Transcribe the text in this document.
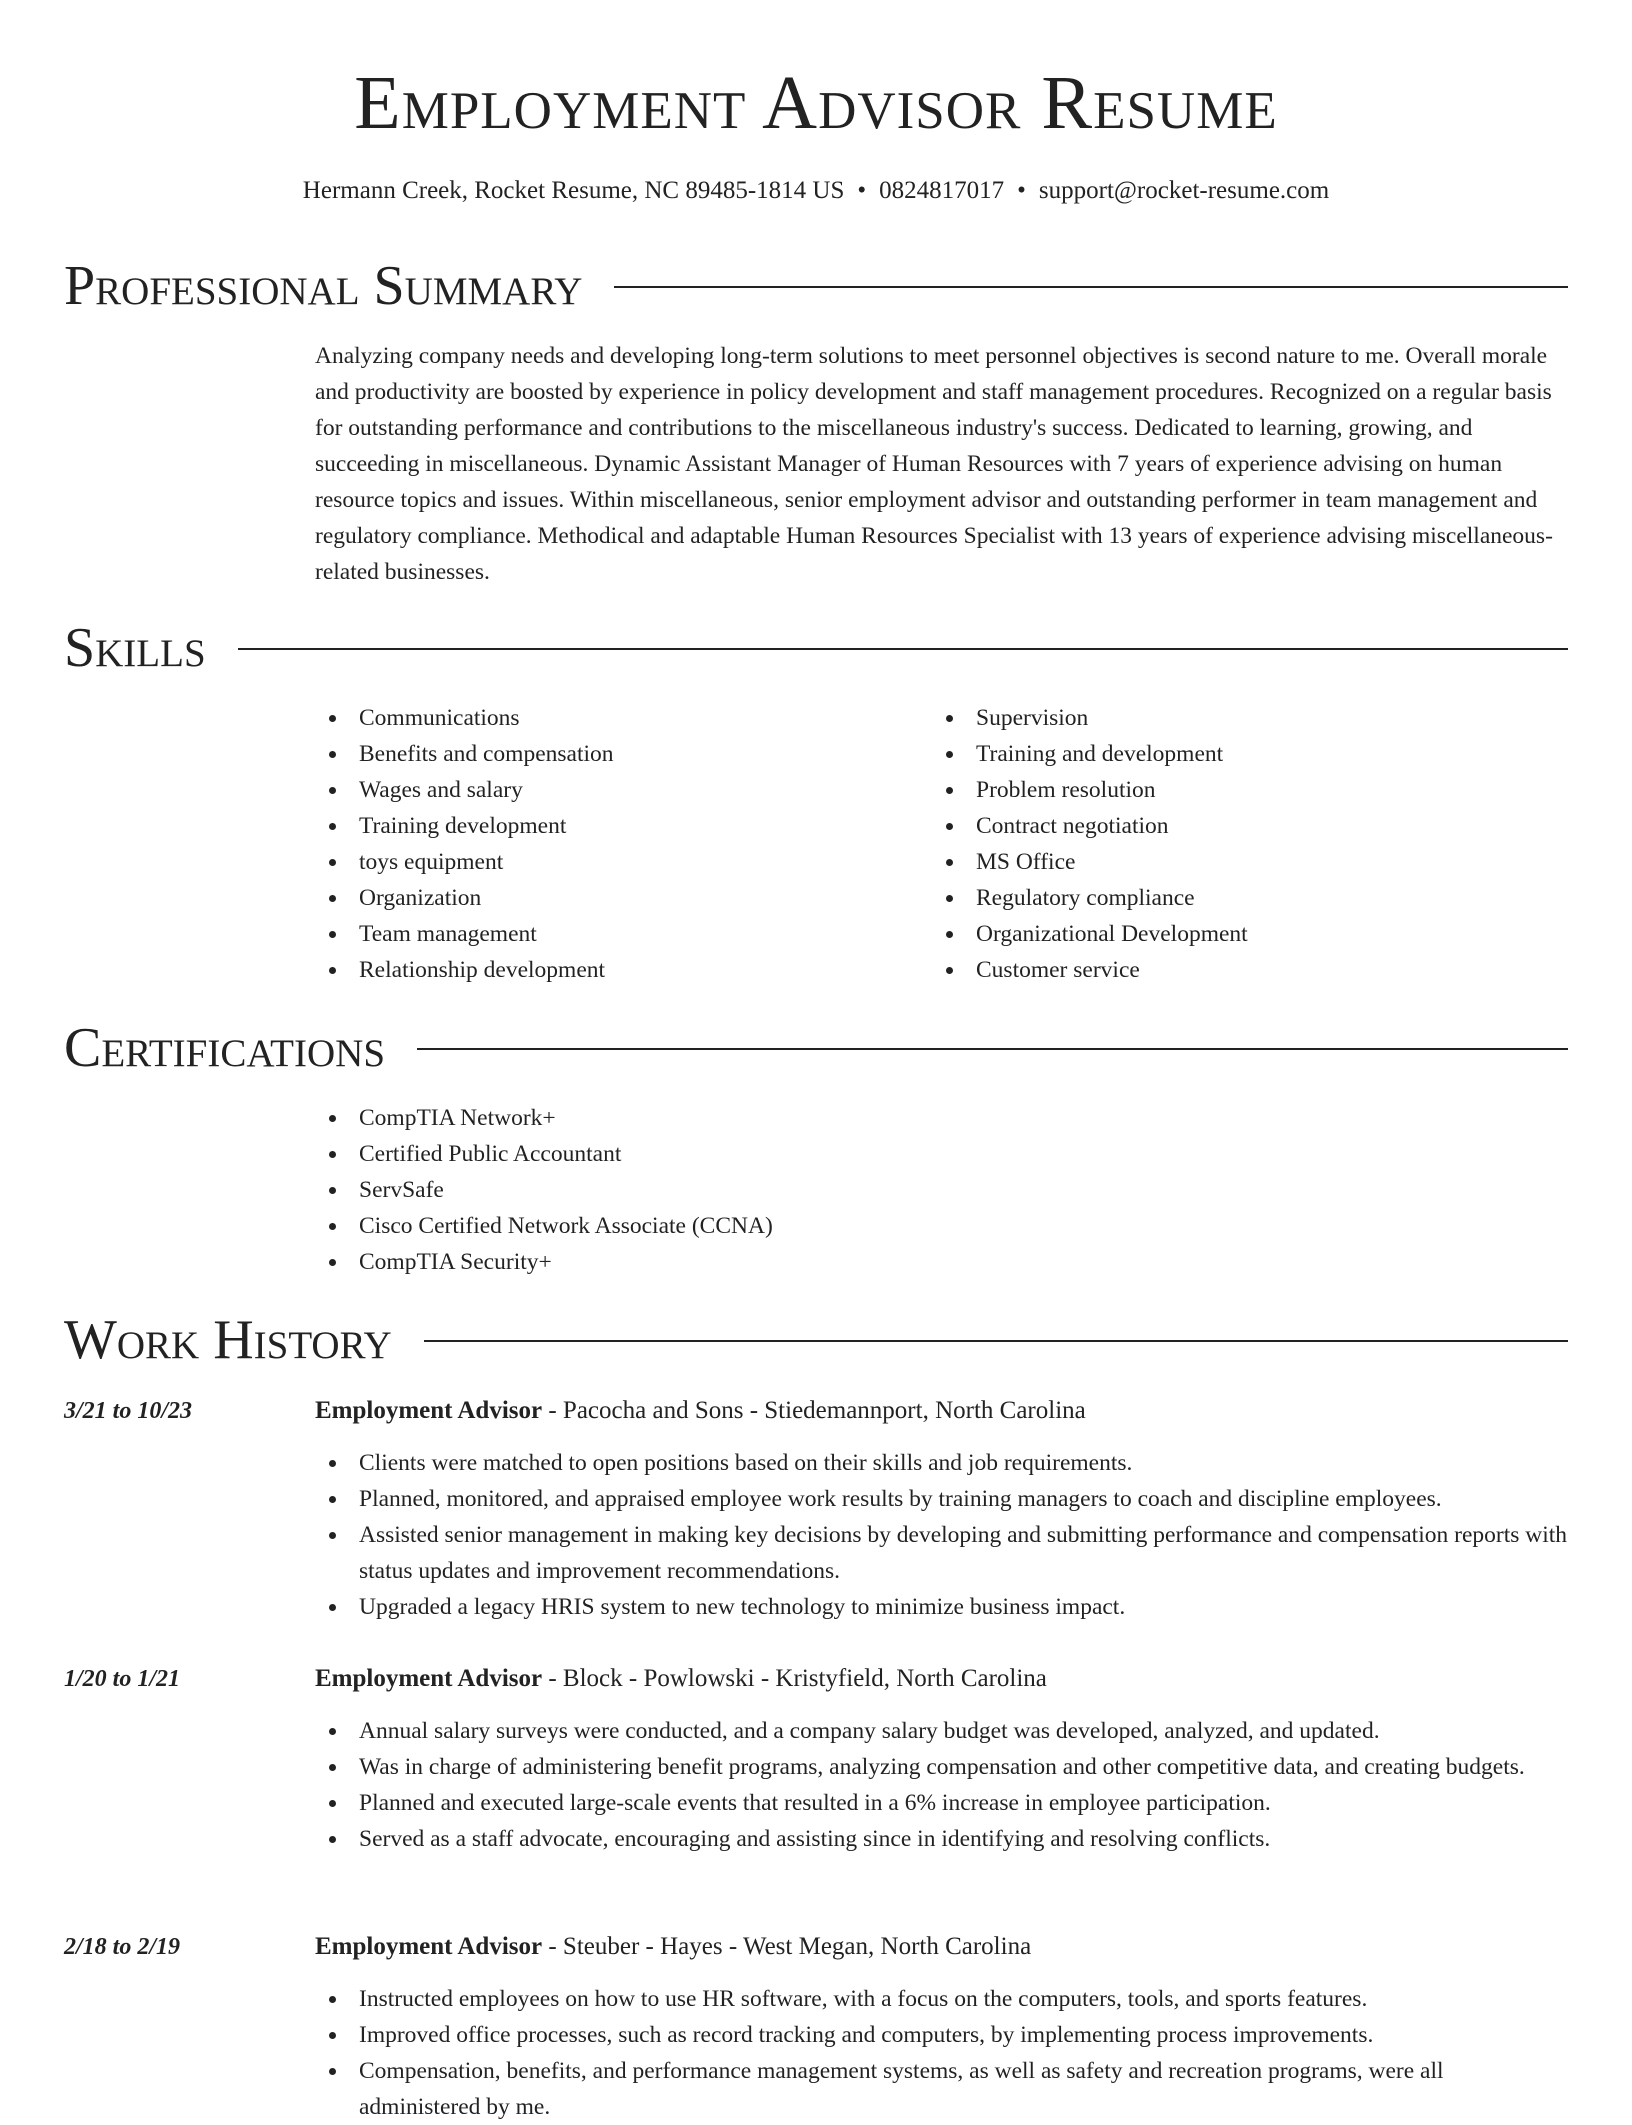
Employment Advisor Resume
Hermann Creek, Rocket Resume, NC 89485-1814 US • 0824817017 • support@rocket-resume.com
Professional Summary

Analyzing company needs and developing long-term solutions to meet personnel objectives is second nature to me. Overall morale and productivity are boosted by experience in policy development and staff management procedures. Recognized on a regular basis for outstanding performance and contributions to the miscellaneous industry's success. Dedicated to learning, growing, and succeeding in miscellaneous. Dynamic Assistant Manager of Human Resources with 7 years of experience advising on human resource topics and issues. Within miscellaneous, senior employment advisor and outstanding performer in team management and regulatory compliance. Methodical and adaptable Human Resources Specialist with 13 years of experience advising miscellaneous-related businesses.

Skills
Communications
Benefits and compensation
Wages and salary
Training development
toys equipment
Organization
Team management
Relationship development
Supervision
Training and development
Problem resolution
Contract negotiation
MS Office
Regulatory compliance
Organizational Development
Customer service
Certifications
CompTIA Network+
Certified Public Accountant
ServSafe
Cisco Certified Network Associate (CCNA)
CompTIA Security+
Work History
3/21 to 10/23	Employment Advisor - Pacocha and Sons - Stiedemannport, North Carolina
Clients were matched to open positions based on their skills and job requirements.
Planned, monitored, and appraised employee work results by training managers to coach and discipline employees.
Assisted senior management in making key decisions by developing and submitting performance and compensation reports with status updates and improvement recommendations.
Upgraded a legacy HRIS system to new technology to minimize business impact.
1/20 to 1/21	Employment Advisor - Block - Powlowski - Kristyfield, North Carolina
Annual salary surveys were conducted, and a company salary budget was developed, analyzed, and updated.
Was in charge of administering benefit programs, analyzing compensation and other competitive data, and creating budgets.
Planned and executed large-scale events that resulted in a 6% increase in employee participation.
Served as a staff advocate, encouraging and assisting since in identifying and resolving conflicts.
2/18 to 2/19	Employment Advisor - Steuber - Hayes - West Megan, North Carolina
Instructed employees on how to use HR software, with a focus on the computers, tools, and sports features.
Improved office processes, such as record tracking and computers, by implementing process improvements.
Compensation, benefits, and performance management systems, as well as safety and recreation programs, were all administered by me.
